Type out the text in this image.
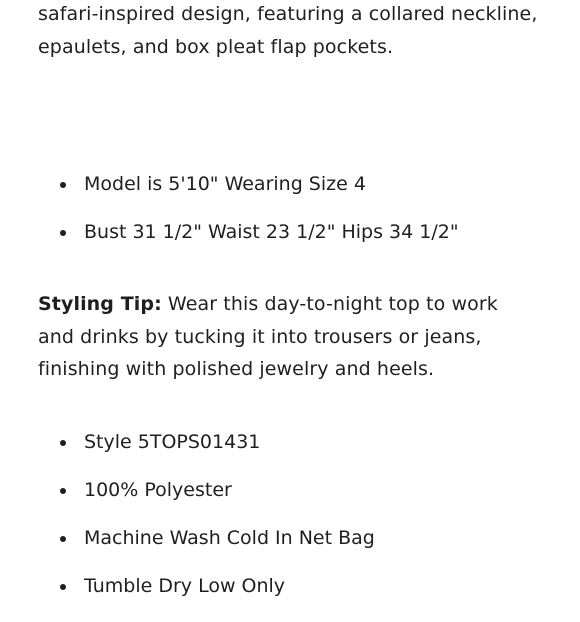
safari-inspired design, featuring a collared neckline,
epaulets, and box pleat flap pockets.

Model is 5'10" Wearing Size 4
Bust 31 1/2" Waist 23 1/2" Hips 34 1/2"

Styling Tip: Wear this day-to-night top to work and drinks by tucking it into trousers or jeans, finishing with polished jewelry and heels.

Style 5TOPS01431
100% Polyester
Machine Wash Cold In Net Bag
Tumble Dry Low Only
